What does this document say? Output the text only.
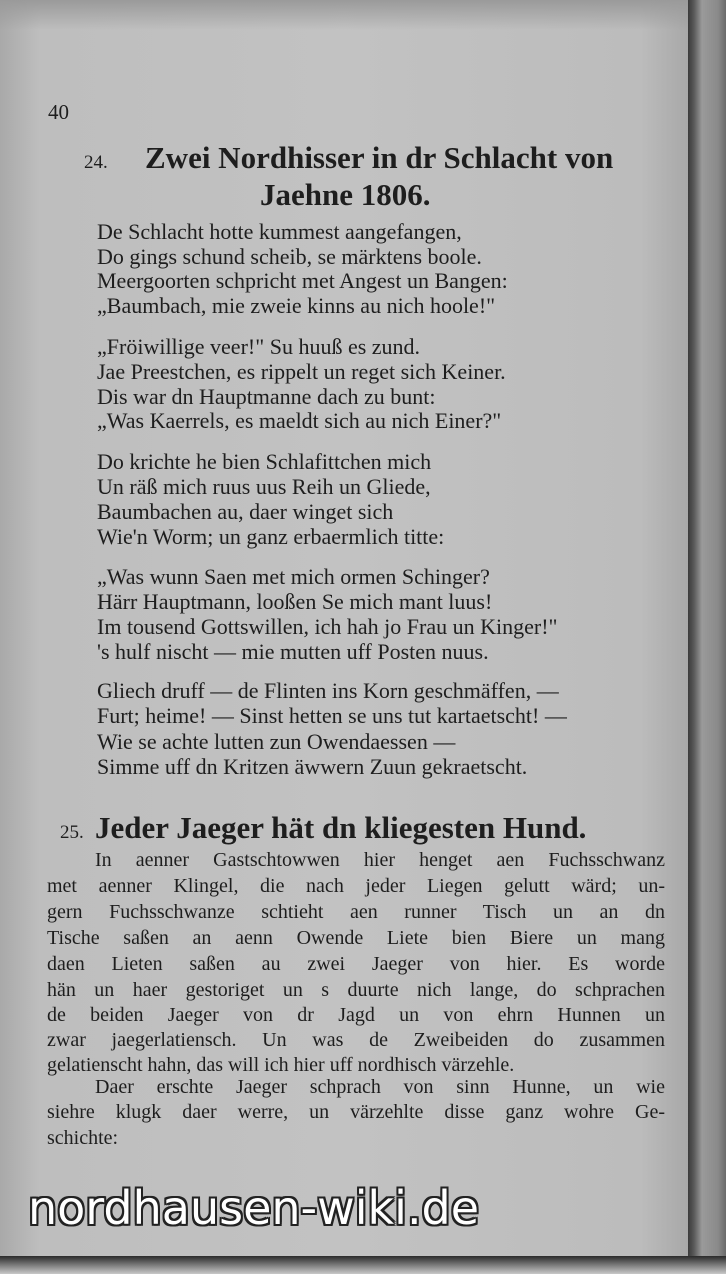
40
24. Zwei Nordhisser in dr Schlacht von
Jaehne 1806.
De Schlacht hotte kummest aangefangen,
Do gings schund scheib, se märktens boole.
Meergoorten schpricht met Angest un Bangen:
„Baumbach, mie zweie kinns au nich hoole!"
„Fröiwillige veer!" Su huuß es zund.
Jae Preestchen, es rippelt un reget sich Keiner.
Dis war dn Hauptmanne dach zu bunt:
„Was Kaerrels, es maeldt sich au nich Einer?"
Do krichte he bien Schlafittchen mich
Un räß mich ruus uus Reih un Gliede,
Baumbachen au, daer winget sich
Wie'n Worm; un ganz erbaermlich titte:
„Was wunn Saen met mich ormen Schinger?
Härr Hauptmann, looßen Se mich mant luus!
Im tousend Gottswillen, ich hah jo Frau un Kinger!"
's hulf nischt — mie mutten uff Posten nuus.
Gliech druff — de Flinten ins Korn geschmäffen, —
Furt; heime! — Sinst hetten se uns tut kartaetscht! —
Wie se achte lutten zun Owendaessen —
Simme uff dn Kritzen äwwern Zuun gekraetscht.
25. Jeder Jaeger hät dn kliegesten Hund.
In aenner Gastschtowwen hier henget aen Fuchsschwanz
met aenner Klingel, die nach jeder Liegen gelutt wärd; un-
gern Fuchsschwanze schtieht aen runner Tisch un an dn
Tische saßen an aenn Owende Liete bien Biere un mang
daen Lieten saßen au zwei Jaeger von hier. Es worde
hän un haer gestoriget un s duurte nich lange, do schprachen
de beiden Jaeger von dr Jagd un von ehrn Hunnen un
zwar jaegerlatiensch. Un was de Zweibeiden do zusammen
gelatienscht hahn, das will ich hier uff nordhisch värzehle.
Daer erschte Jaeger schprach von sinn Hunne, un wie
siehre klugk daer werre, un värzehlte disse ganz wohre Ge-
schichte:
nordhausen-wiki.de
